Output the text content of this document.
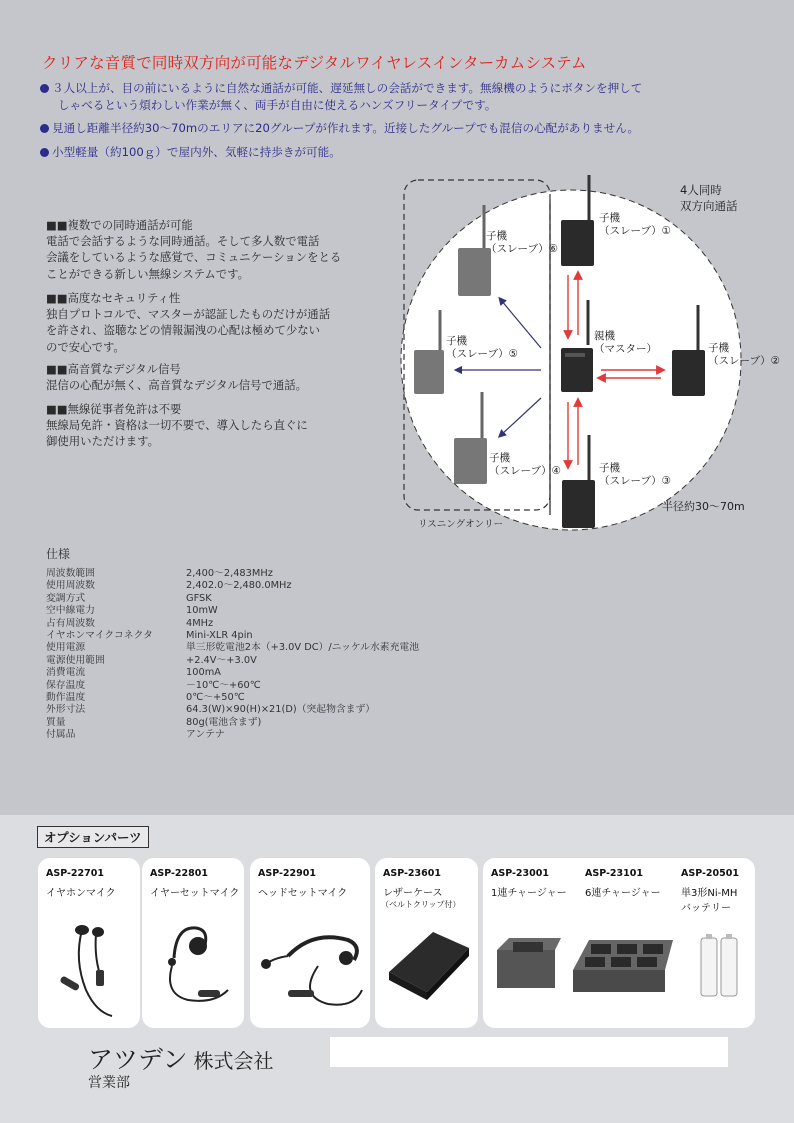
クリアな音質で同時双方向が可能なデジタルワイヤレスインターカムシステム
３人以上が、目の前にいるように自然な通話が可能、遅延無しの会話ができます。無線機のようにボタンを押して
しゃべるという煩わしい作業が無く、両手が自由に使えるハンズフリータイプです。
見通し距離半径約30～70mのエリアに20グループが作れます。近接したグループでも混信の心配がありません。
小型軽量（約100ｇ）で屋内外、気軽に持歩きが可能。
■■複数での同時通話が可能
電話で会話するような同時通話。そして多人数で電話
会議をしているような感覚で、コミュニケーションをとる
ことができる新しい無線システムです。
■■高度なセキュリティ性
独自プロトコルで、マスターが認証したものだけが通話
を許され、盗聴などの情報漏洩の心配は極めて少ない
ので安心です。
■■高音質なデジタル信号
混信の心配が無く、高音質なデジタル信号で通話。
■■無線従事者免許は不要
無線局免許・資格は一切不要で、導入したら直ぐに
御使用いただけます。
4人同時
双方向通話
子機
（スレーブ）①
子機
（スレーブ）⑥
親機
（マスター）
子機
（スレーブ）⑤	子機
（スレーブ）②
子機
（スレーブ）④	子機
（スレーブ）③
半径約30～70m
リスニングオンリー
仕様
周波数範囲	2,400～2,483MHz
使用周波数	2,402.0～2,480.0MHz
変調方式	GFSK
空中線電力	10mW
占有周波数	4MHz
イヤホンマイクコネクタ	Mini-XLR 4pin
使用電源	単三形乾電池2本（+3.0V DC）/ニッケル水素充電池
電源使用範囲	+2.4V～+3.0V
消費電流	100mA
保存温度	－10℃～+60℃
動作温度	0℃～+50℃
外形寸法	64.3(W)×90(H)×21(D)（突起物含まず）
質量	80g(電池含まず)
付属品	アンテナ
オプションパーツ
ASP-22701
イヤホンマイク
ASP-22801
イヤーセットマイク
ASP-22901
ヘッドセットマイク
ASP-23601
レザーケース
（ベルトクリップ付）
ASP-23001
1連チャージャー
ASP-23101
6連チャージャー
ASP-20501
単3形Ni-MH
バッテリー
アツデン 株式会社
営業部
